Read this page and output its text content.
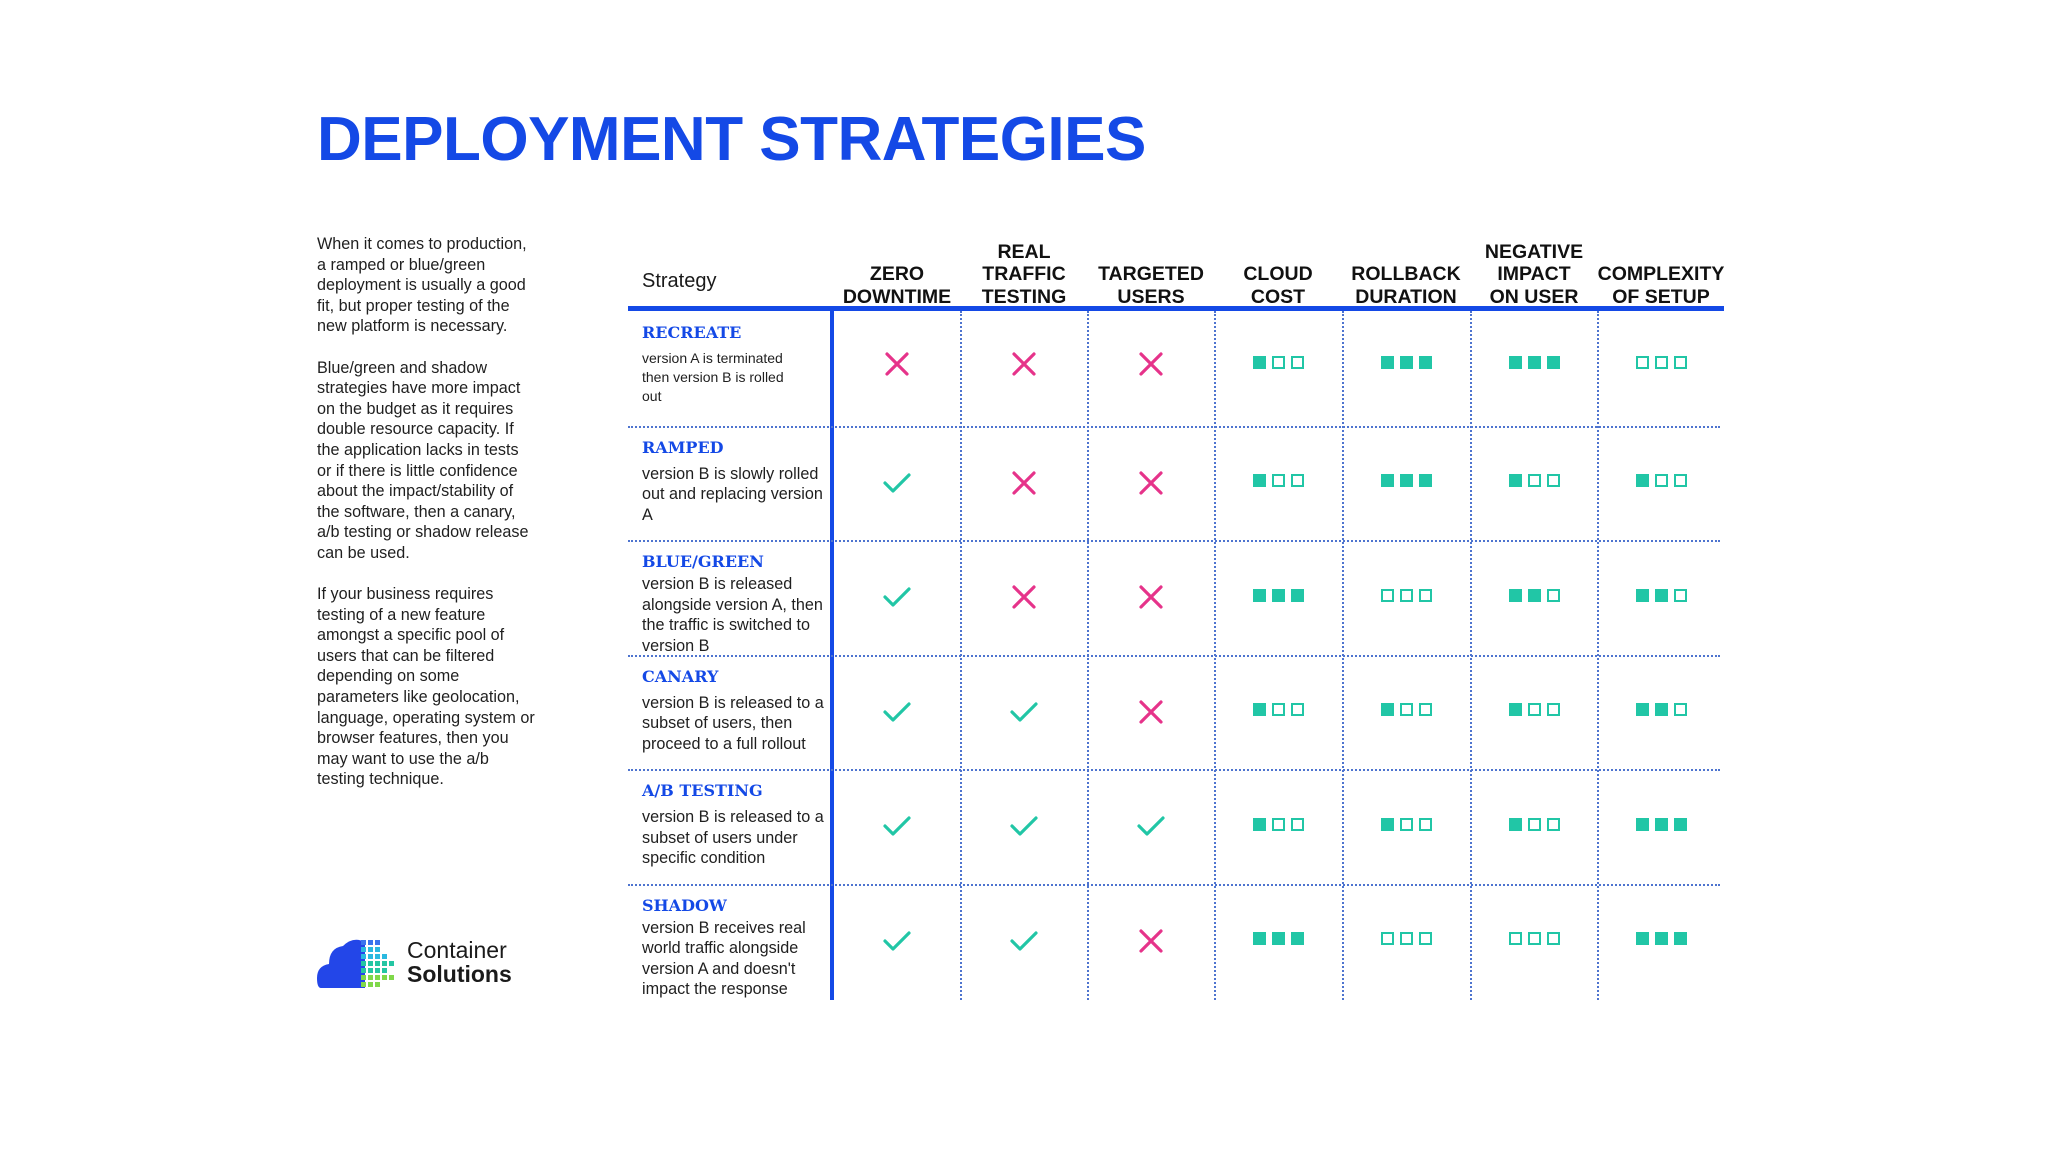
DEPLOYMENT STRATEGIES

When it comes to production, a ramped or blue/green deployment is usually a good fit, but proper testing of the new platform is necessary.

Blue/green and shadow strategies have more impact on the budget as it requires double resource capacity. If the application lacks in tests or if there is little confidence about the impact/stability of the software, then a canary, a/b testing or shadow release can be used.

If your business requires testing of a new feature amongst a specific pool of users that can be filtered depending on some parameters like geolocation, language, operating system or browser features, then you may want to use the a/b testing technique.

Container
Solutions
Strategy	ZERO
DOWNTIME
REAL
TRAFFIC
TESTING
TARGETED
USERS
CLOUD
COST
ROLLBACK
DURATION
NEGATIVE
IMPACT
ON USER
COMPLEXITY
OF SETUP
RECREATE
version A is terminated then version B is rolled out
RAMPED
version B is slowly rolled out and replacing version A
BLUE/GREEN
version B is released alongside version A, then the traffic is switched to version B
CANARY
version B is released to a subset of users, then proceed to a full rollout
A/B TESTING
version B is released to a subset of users under specific condition
SHADOW
version B receives real world traffic alongside version A and doesn't impact the response
